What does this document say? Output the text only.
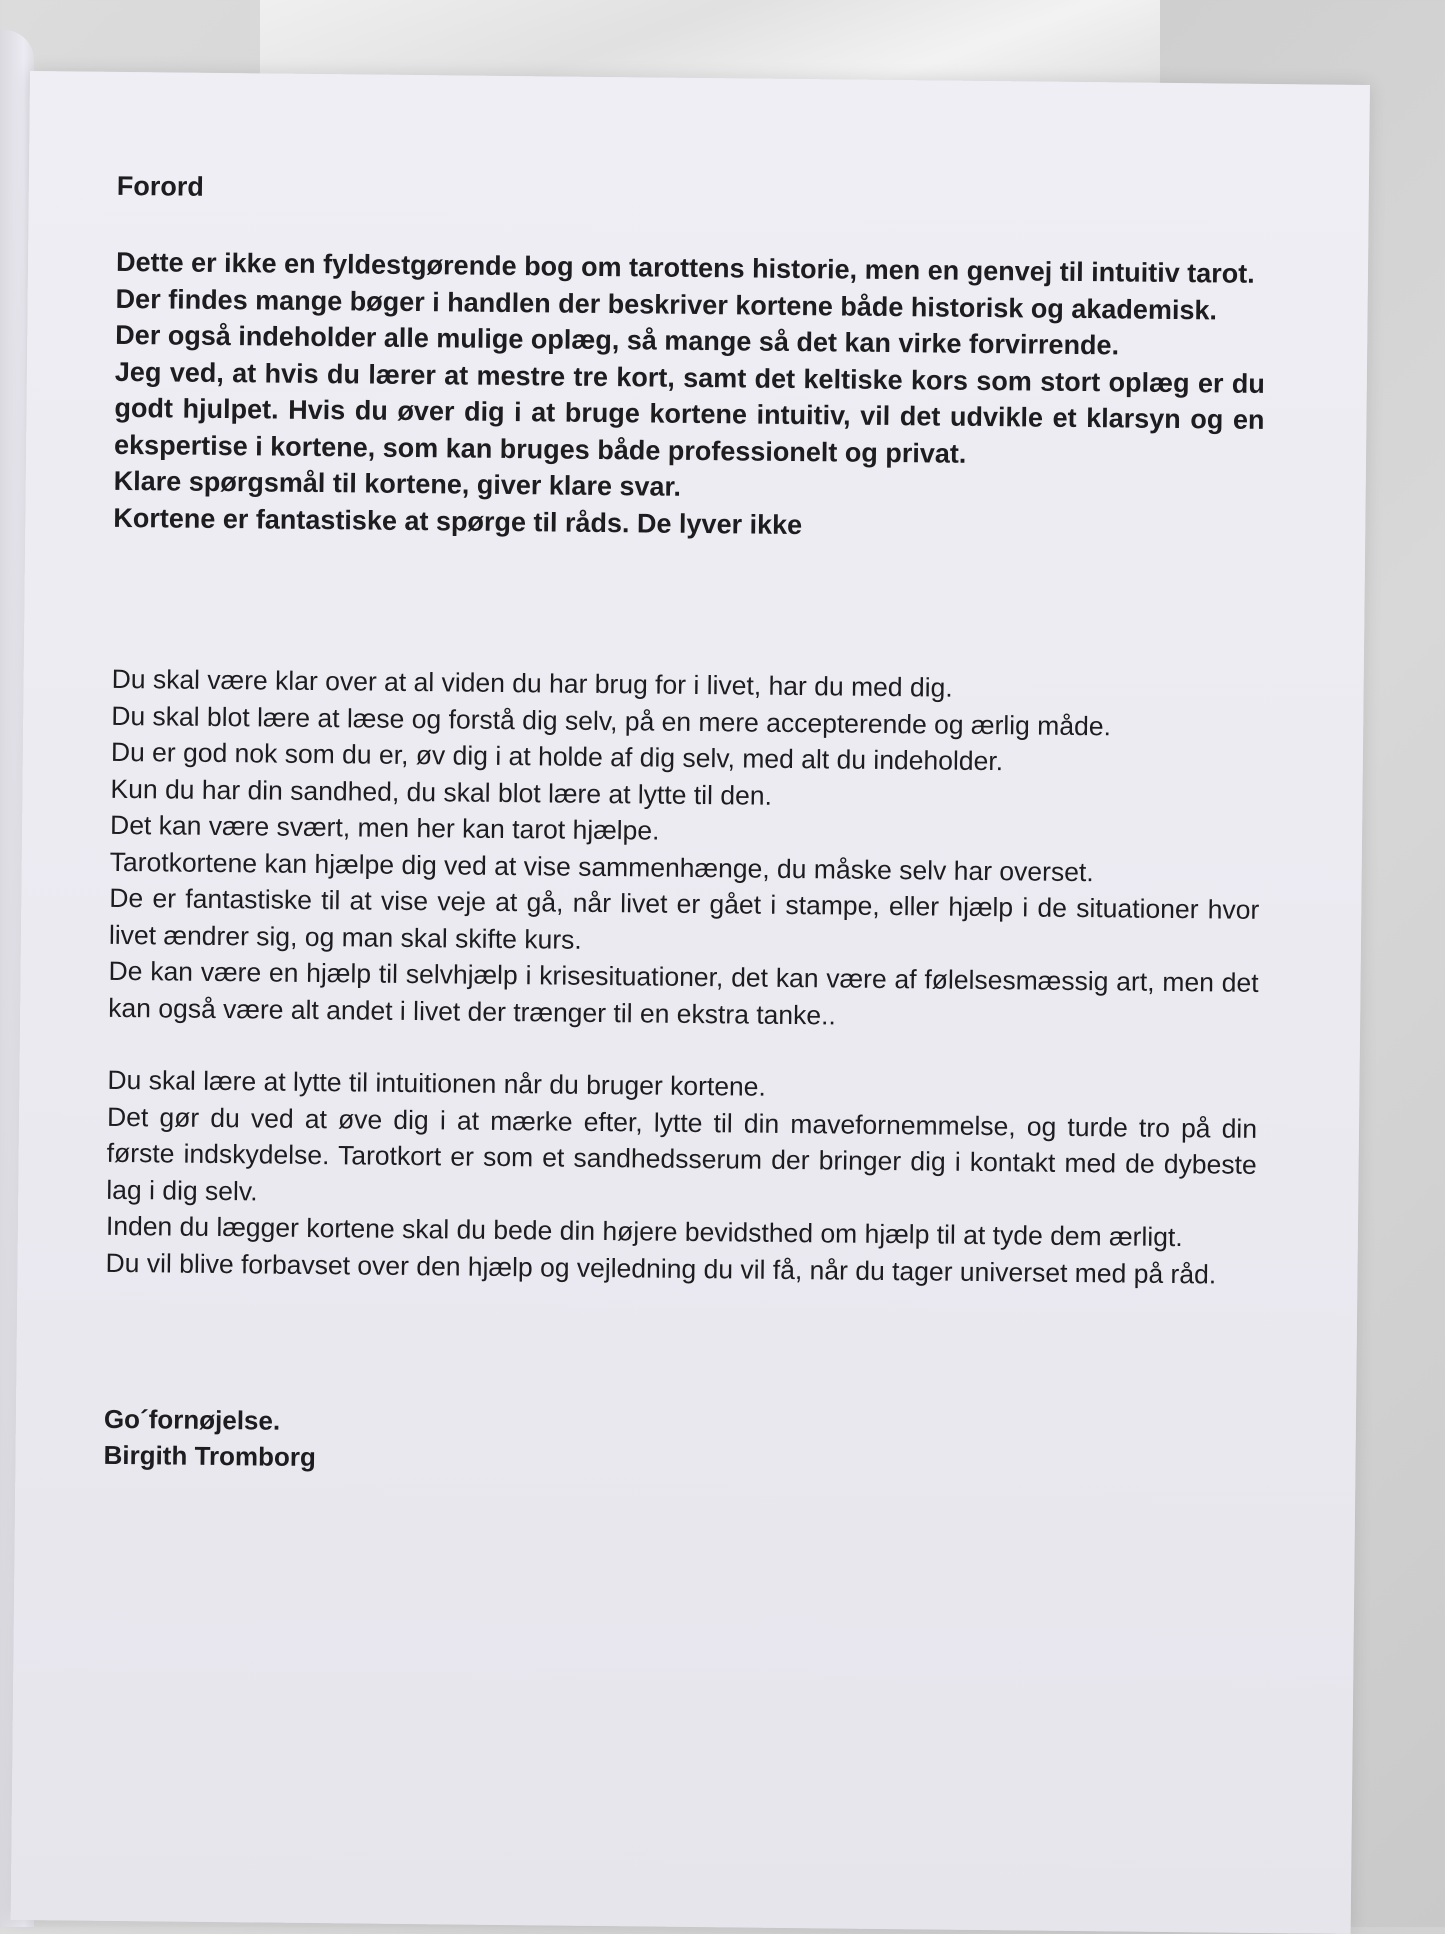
Forord

Dette er ikke en fyldestgørende bog om tarottens historie, men en genvej til intuitiv tarot.

Der findes mange bøger i handlen der beskriver kortene både historisk og akademisk.

Der også indeholder alle mulige oplæg, så mange så det kan virke forvirrende.

Jeg ved, at hvis du lærer at mestre tre kort, samt det keltiske kors som stort oplæg er du godt hjulpet. Hvis du øver dig i at bruge kortene intuitiv, vil det udvikle et klarsyn og en ekspertise i kortene, som kan bruges både professionelt og privat.

Klare spørgsmål til kortene, giver klare svar.

Kortene er fantastiske at spørge til råds. De lyver ikke

Du skal være klar over at al viden du har brug for i livet, har du med dig.

Du skal blot lære at læse og forstå dig selv, på en mere accepterende og ærlig måde.

Du er god nok som du er, øv dig i at holde af dig selv, med alt du indeholder.

Kun du har din sandhed, du skal blot lære at lytte til den.

Det kan være svært, men her kan tarot hjælpe.

Tarotkortene kan hjælpe dig ved at vise sammenhænge, du måske selv har overset.

De er fantastiske til at vise veje at gå, når livet er gået i stampe, eller hjælp i de situationer hvor livet ændrer sig, og man skal skifte kurs.

De kan være en hjælp til selvhjælp i krisesituationer, det kan være af følelsesmæssig art, men det kan også være alt andet i livet der trænger til en ekstra tanke..

Du skal lære at lytte til intuitionen når du bruger kortene.

Det gør du ved at øve dig i at mærke efter, lytte til din mavefornemmelse, og turde tro på din første indskydelse. Tarotkort er som et sandhedsserum der bringer dig i kontakt med de dybeste lag i dig selv.

Inden du lægger kortene skal du bede din højere bevidsthed om hjælp til at tyde dem ærligt.

Du vil blive forbavset over den hjælp og vejledning du vil få, når du tager universet med på råd.

Go´fornøjelse.
Birgith Tromborg
